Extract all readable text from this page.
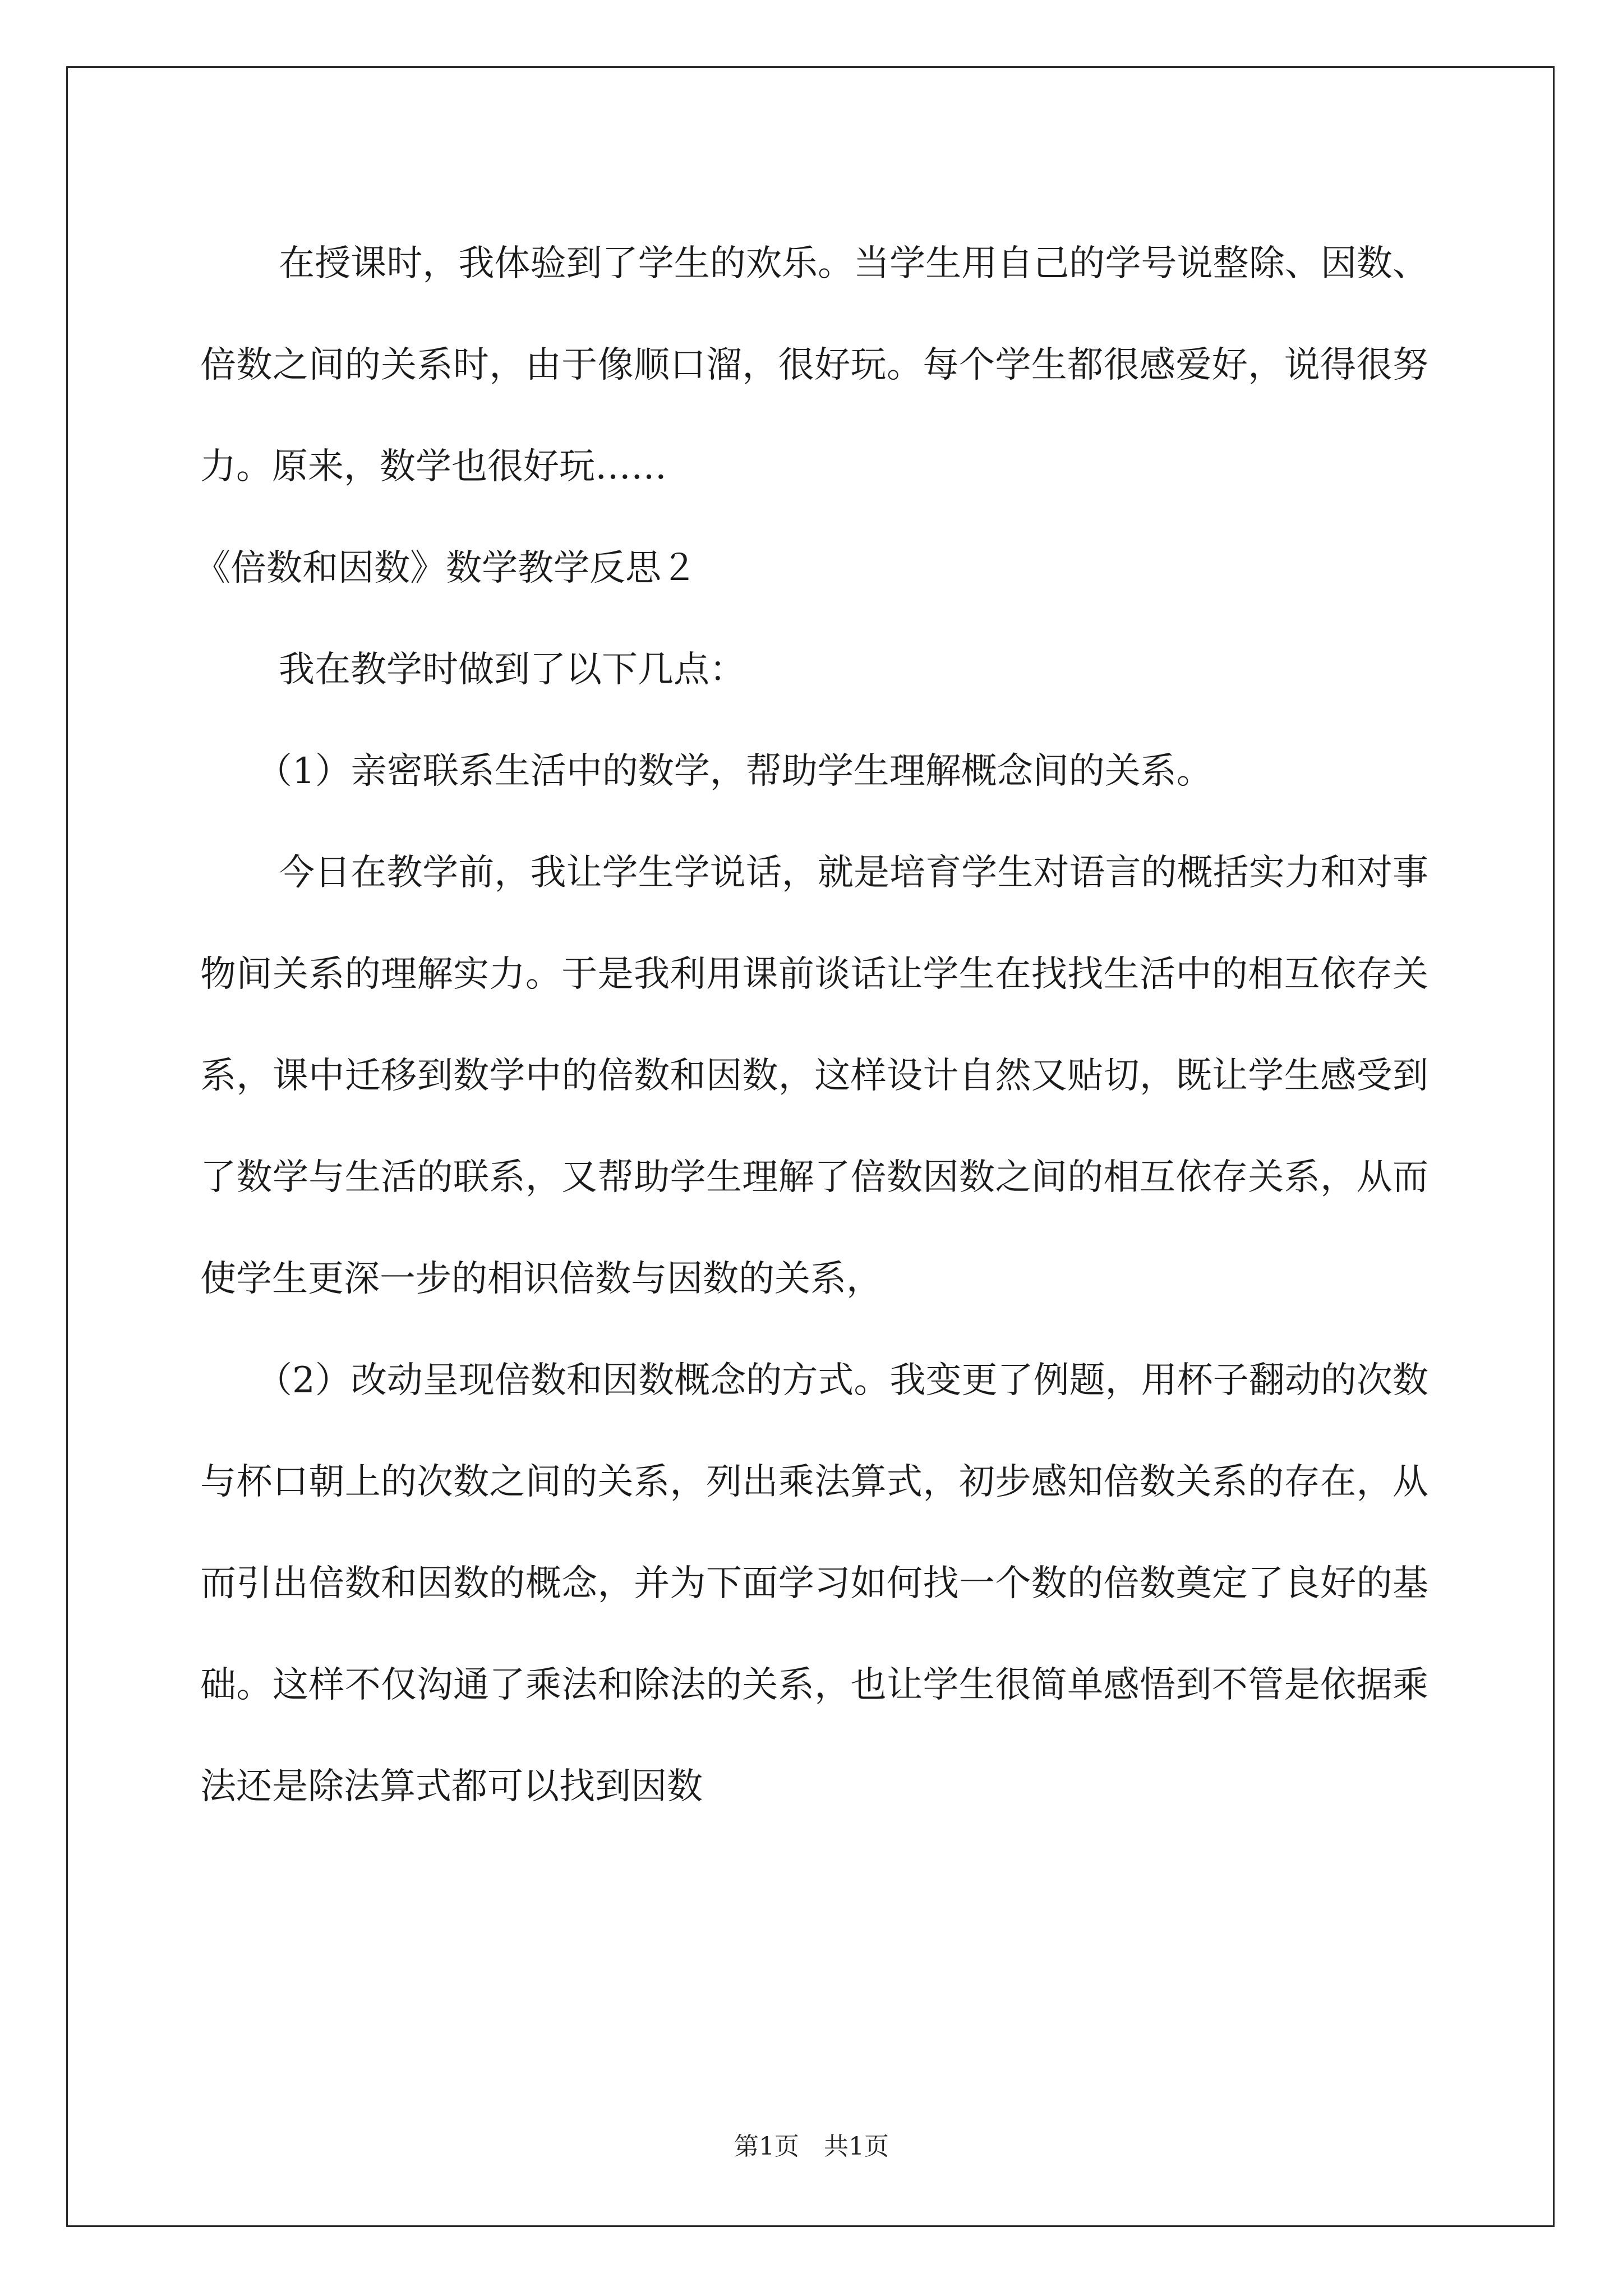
在授课时，我体验到了学生的欢乐。当学生用自己的学号说整除、因数、倍数之间的关系时，由于像顺口溜，很好玩。每个学生都很感爱好，说得很努力。原来，数学也很好玩……

《倍数和因数》数学教学反思２

我在教学时做到了以下几点：

（1）亲密联系生活中的数学，帮助学生理解概念间的关系。

今日在教学前，我让学生学说话，就是培育学生对语言的概括实力和对事物间关系的理解实力。于是我利用课前谈话让学生在找找生活中的相互依存关系，课中迁移到数学中的倍数和因数，这样设计自然又贴切，既让学生感受到了数学与生活的联系，又帮助学生理解了倍数因数之间的相互依存关系，从而使学生更深一步的相识倍数与因数的关系，

（2）改动呈现倍数和因数概念的方式。我变更了例题，用杯子翻动的次数与杯口朝上的次数之间的关系，列出乘法算式，初步感知倍数关系的存在，从而引出倍数和因数的概念，并为下面学习如何找一个数的倍数奠定了良好的基础。这样不仅沟通了乘法和除法的关系，也让学生很简单感悟到不管是依据乘法还是除法算式都可以找到因数

第1页　共1页
